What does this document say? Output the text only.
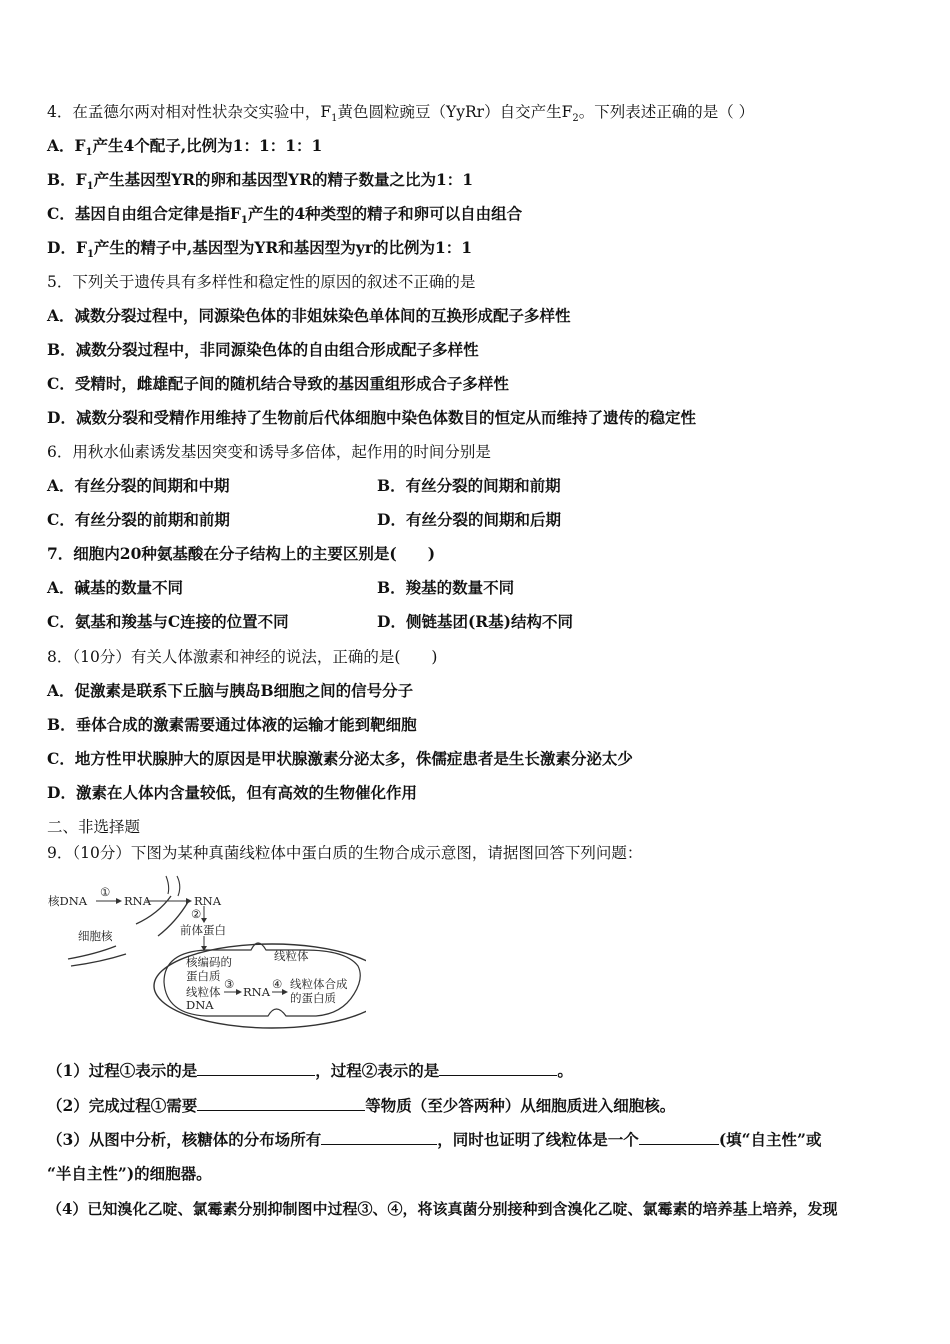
4．在孟德尔两对相对性状杂交实验中，$F_1$黄色圆粒豌豆（YyRr）自交产生$F_2$。下列表述正确的是（ ）
A．$F_1$产生4个配子,比例为1：1：1：1
B．$F_1$产生基因型YR的卵和基因型YR的精子数量之比为1：1
C．基因自由组合定律是指$F_1$产生的4种类型的精子和卵可以自由组合
D．$F_1$产生的精子中,基因型为YR和基因型为yr的比例为1：1
5．下列关于遗传具有多样性和稳定性的原因的叙述不正确的是
A．减数分裂过程中，同源染色体的非姐妹染色单体间的互换形成配子多样性
B．减数分裂过程中，非同源染色体的自由组合形成配子多样性
C．受精时，雌雄配子间的随机结合导致的基因重组形成合子多样性
D．减数分裂和受精作用维持了生物前后代体细胞中染色体数目的恒定从而维持了遗传的稳定性
6．用秋水仙素诱发基因突变和诱导多倍体，起作用的时间分别是
A．有丝分裂的间期和中期	B．有丝分裂的间期和前期
C．有丝分裂的前期和前期	D．有丝分裂的间期和后期
7．细胞内20种氨基酸在分子结构上的主要区别是(　　)
A．碱基的数量不同	B．羧基的数量不同
C．氨基和羧基与C连接的位置不同	D．侧链基团(R基)结构不同
8．（10分）有关人体激素和神经的说法，正确的是(　　)
A．促激素是联系下丘脑与胰岛B细胞之间的信号分子
B．垂体合成的激素需要通过体液的运输才能到靶细胞
C．地方性甲状腺肿大的原因是甲状腺激素分泌太多，侏儒症患者是生长激素分泌太少
D．激素在人体内含量较低，但有高效的生物催化作用
二、非选择题
9．（10分）下图为某种真菌线粒体中蛋白质的生物合成示意图，请据图回答下列问题：
核DNA
①
RNA	RNA
②
前体蛋白
细胞核
线粒体
核编码的
蛋白质
线粒体
DNA
③
RNA
④ 线粒体合成
的蛋白质
（1）过程①表示的是	，过程②表示的是	。
（2）完成过程①需要	等物质（至少答两种）从细胞质进入细胞核。
（3）从图中分析，核糖体的分布场所有	，同时也证明了线粒体是一个	(填“自主性”或
“半自主性”)的细胞器。
（4）已知溴化乙啶、氯霉素分别抑制图中过程③、④，将该真菌分别接种到含溴化乙啶、氯霉素的培养基上培养，发现
